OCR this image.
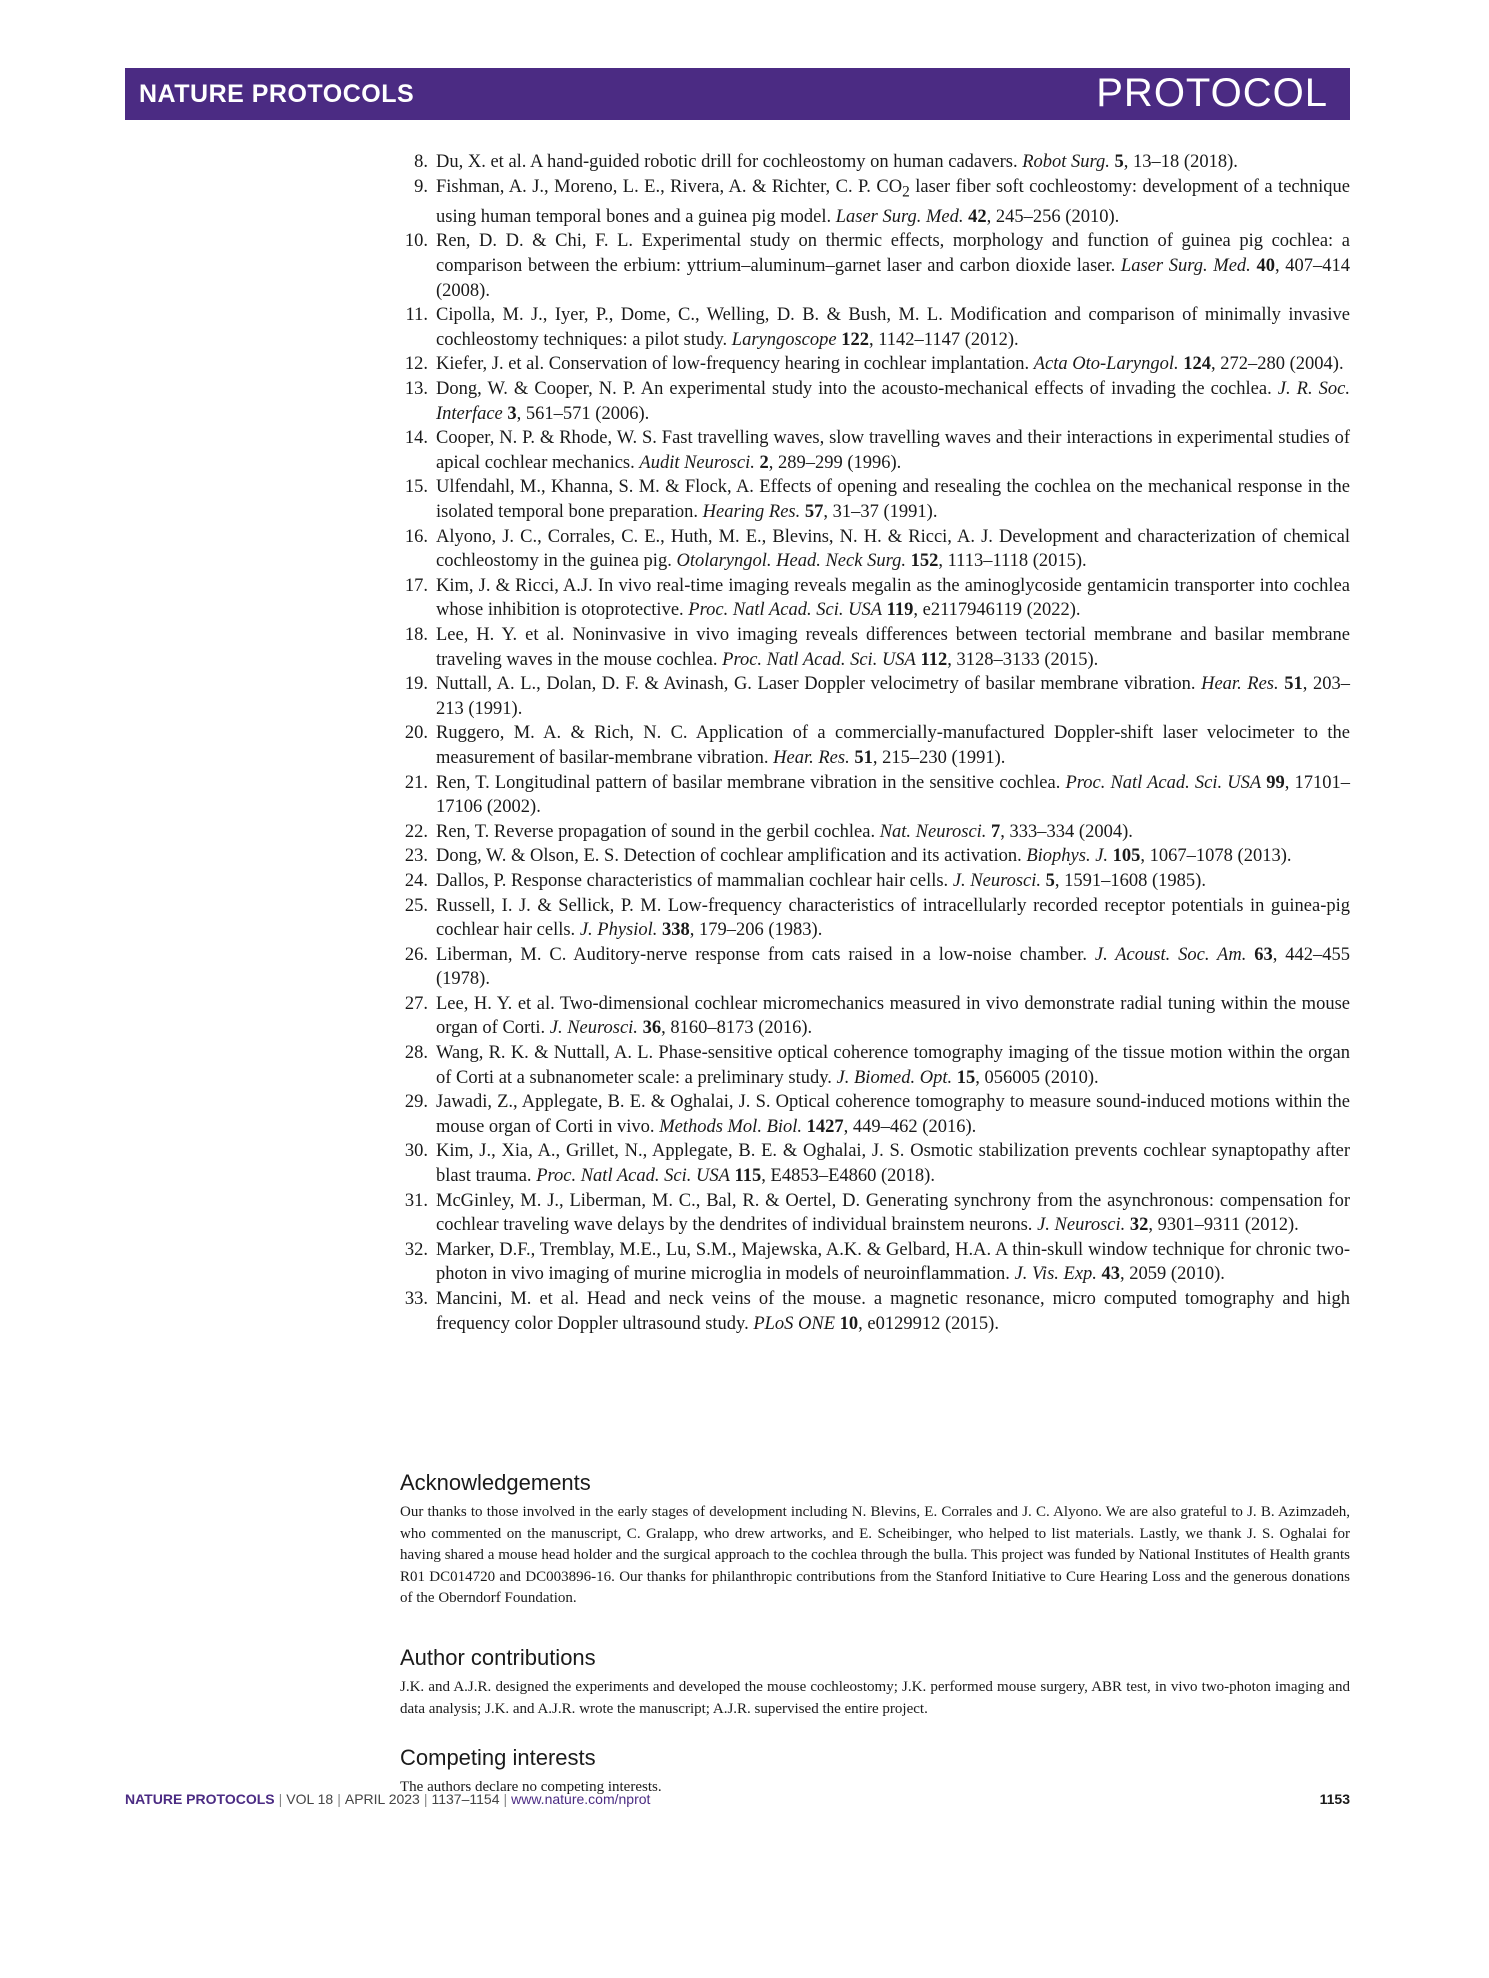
NATURE PROTOCOLS	PROTOCOL
8. Du, X. et al. A hand-guided robotic drill for cochleostomy on human cadavers. Robot Surg. 5, 13–18 (2018).
9. Fishman, A. J., Moreno, L. E., Rivera, A. & Richter, C. P. $CO_2$ laser fiber soft cochleostomy: development of a technique using human temporal bones and a guinea pig model. Laser Surg. Med. 42, 245–256 (2010).
10. Ren, D. D. & Chi, F. L. Experimental study on thermic effects, morphology and function of guinea pig cochlea: a comparison between the erbium: yttrium–aluminum–garnet laser and carbon dioxide laser. Laser Surg. Med. 40, 407–414 (2008).
11. Cipolla, M. J., Iyer, P., Dome, C., Welling, D. B. & Bush, M. L. Modification and comparison of minimally invasive cochleostomy techniques: a pilot study. Laryngoscope 122, 1142–1147 (2012).
12. Kiefer, J. et al. Conservation of low-frequency hearing in cochlear implantation. Acta Oto-Laryngol. 124, 272–280 (2004).
13. Dong, W. & Cooper, N. P. An experimental study into the acousto-mechanical effects of invading the cochlea. J. R. Soc. Interface 3, 561–571 (2006).
14. Cooper, N. P. & Rhode, W. S. Fast travelling waves, slow travelling waves and their interactions in experimental studies of apical cochlear mechanics. Audit Neurosci. 2, 289–299 (1996).
15. Ulfendahl, M., Khanna, S. M. & Flock, A. Effects of opening and resealing the cochlea on the mechanical response in the isolated temporal bone preparation. Hearing Res. 57, 31–37 (1991).
16. Alyono, J. C., Corrales, C. E., Huth, M. E., Blevins, N. H. & Ricci, A. J. Development and characterization of chemical cochleostomy in the guinea pig. Otolaryngol. Head. Neck Surg. 152, 1113–1118 (2015).
17. Kim, J. & Ricci, A.J. In vivo real-time imaging reveals megalin as the aminoglycoside gentamicin transporter into cochlea whose inhibition is otoprotective. Proc. Natl Acad. Sci. USA 119, e2117946119 (2022).
18. Lee, H. Y. et al. Noninvasive in vivo imaging reveals differences between tectorial membrane and basilar membrane traveling waves in the mouse cochlea. Proc. Natl Acad. Sci. USA 112, 3128–3133 (2015).
19. Nuttall, A. L., Dolan, D. F. & Avinash, G. Laser Doppler velocimetry of basilar membrane vibration. Hear. Res. 51, 203–213 (1991).
20. Ruggero, M. A. & Rich, N. C. Application of a commercially-manufactured Doppler-shift laser velocimeter to the measurement of basilar-membrane vibration. Hear. Res. 51, 215–230 (1991).
21. Ren, T. Longitudinal pattern of basilar membrane vibration in the sensitive cochlea. Proc. Natl Acad. Sci. USA 99, 17101–17106 (2002).
22. Ren, T. Reverse propagation of sound in the gerbil cochlea. Nat. Neurosci. 7, 333–334 (2004).
23. Dong, W. & Olson, E. S. Detection of cochlear amplification and its activation. Biophys. J. 105, 1067–1078 (2013).
24. Dallos, P. Response characteristics of mammalian cochlear hair cells. J. Neurosci. 5, 1591–1608 (1985).
25. Russell, I. J. & Sellick, P. M. Low-frequency characteristics of intracellularly recorded receptor potentials in guinea-pig cochlear hair cells. J. Physiol. 338, 179–206 (1983).
26. Liberman, M. C. Auditory-nerve response from cats raised in a low-noise chamber. J. Acoust. Soc. Am. 63, 442–455 (1978).
27. Lee, H. Y. et al. Two-dimensional cochlear micromechanics measured in vivo demonstrate radial tuning within the mouse organ of Corti. J. Neurosci. 36, 8160–8173 (2016).
28. Wang, R. K. & Nuttall, A. L. Phase-sensitive optical coherence tomography imaging of the tissue motion within the organ of Corti at a subnanometer scale: a preliminary study. J. Biomed. Opt. 15, 056005 (2010).
29. Jawadi, Z., Applegate, B. E. & Oghalai, J. S. Optical coherence tomography to measure sound-induced motions within the mouse organ of Corti in vivo. Methods Mol. Biol. 1427, 449–462 (2016).
30. Kim, J., Xia, A., Grillet, N., Applegate, B. E. & Oghalai, J. S. Osmotic stabilization prevents cochlear synaptopathy after blast trauma. Proc. Natl Acad. Sci. USA 115, E4853–E4860 (2018).
31. McGinley, M. J., Liberman, M. C., Bal, R. & Oertel, D. Generating synchrony from the asynchronous: compensation for cochlear traveling wave delays by the dendrites of individual brainstem neurons. J. Neurosci. 32, 9301–9311 (2012).
32. Marker, D.F., Tremblay, M.E., Lu, S.M., Majewska, A.K. & Gelbard, H.A. A thin-skull window technique for chronic two-photon in vivo imaging of murine microglia in models of neuroinflammation. J. Vis. Exp. 43, 2059 (2010).
33. Mancini, M. et al. Head and neck veins of the mouse. a magnetic resonance, micro computed tomography and high frequency color Doppler ultrasound study. PLoS ONE 10, e0129912 (2015).
Acknowledgements

Our thanks to those involved in the early stages of development including N. Blevins, E. Corrales and J. C. Alyono. We are also grateful to J. B. Azimzadeh, who commented on the manuscript, C. Gralapp, who drew artworks, and E. Scheibinger, who helped to list materials. Lastly, we thank J. S. Oghalai for having shared a mouse head holder and the surgical approach to the cochlea through the bulla. This project was funded by National Institutes of Health grants R01 DC014720 and DC003896-16. Our thanks for philanthropic contributions from the Stanford Initiative to Cure Hearing Loss and the generous donations of the Oberndorf Foundation.

Author contributions

J.K. and A.J.R. designed the experiments and developed the mouse cochleostomy; J.K. performed mouse surgery, ABR test, in vivo two-photon imaging and data analysis; J.K. and A.J.R. wrote the manuscript; A.J.R. supervised the entire project.

Competing interests

The authors declare no competing interests.

NATURE PROTOCOLS | VOL 18 | APRIL 2023 | 1137–1154 | www.nature.com/nprot	1153
